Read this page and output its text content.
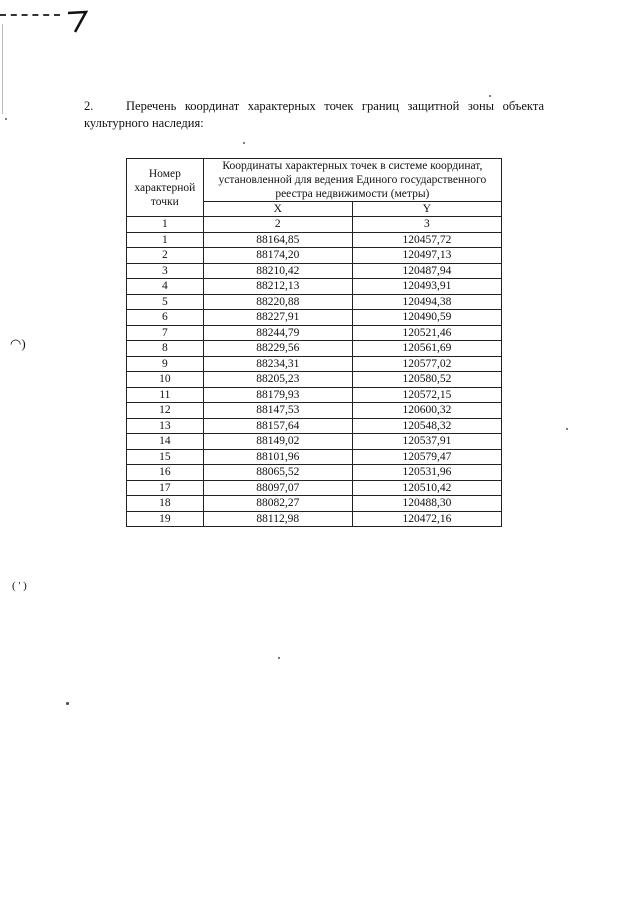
2.	Перечень координат характерных точек границ защитной зоны объекта культурного наследия:
Номер характерной точки	Координаты характерных точек в системе координат, установленной для ведения Единого государственного реестра недвижимости (метры)	
	X	Y
1	2	3
1	88164,85	120457,72
2	88174,20	120497,13
3	88210,42	120487,94
4	88212,13	120493,91
5	88220,88	120494,38
6	88227,91	120490,59
7	88244,79	120521,46
8	88229,56	120561,69
9	88234,31	120577,02
10	88205,23	120580,52
11	88179,93	120572,15
12	88147,53	120600,32
13	88157,64	120548,32
14	88149,02	120537,91
15	88101,96	120579,47
16	88065,52	120531,96
17	88097,07	120510,42
18	88082,27	120488,30
19	88112,98	120472,16
◠)
( ' )
